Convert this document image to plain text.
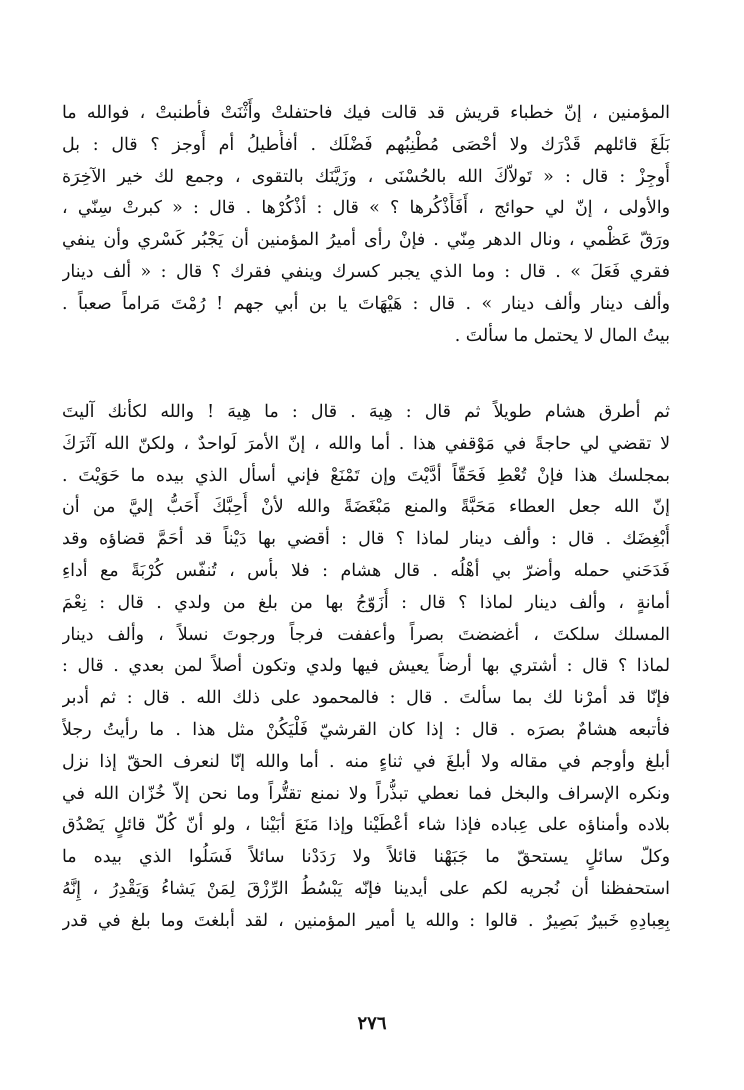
المؤمنين ، إنّ خطباء قريش قد قالت فيك فاحتفلتْ وأَثْنَتْ فأطنبتْ ، فوالله ما
بَلَغَ قائلهم قَدْرَك ولا أحْصَى مُطْنِبُهم فَضْلَك . أفأُطيلُ أم أُوجز ؟ قال : بل
أُوجِزْ : قال : « تَولاّكَ الله بالحُسْنَى ، وزَيَّنَك بالتقوى ، وجمع لك خير الآخِرَة
والأولى ، إنّ لي حوائج ، أَفَأَذْكُرها ؟ » قال : أذْكُرْها . قال : « كبرتْ سِنّي ،
ورَقّ عَظْمي ، ونال الدهر مِنّي . فإنْ رأى أميرُ المؤمنين أن يَجْبُر كَسْري وأن ينفي
فقري فَعَلَ » . قال : وما الذي يجبر كسرك وينفي فقرك ؟ قال : « ألف دينار
وألف دينار وألف دينار » . قال : هَيْهَاتَ يا بن أبي جهم ! رُمْتَ مَراماً صعباً .
بيتُ المال لا يحتمل ما سألتَ .
ثم أطرق هشام طويلاً ثم قال : هِيهَ . قال : ما هِيهَ ! والله لكأنك آليتَ
لا تقضي لي حاجةً في مَوْقفي هذا . أما والله ، إنّ الأمرَ لَواحدٌ ، ولكنّ الله آثَرَكَ
بمجلسك هذا فإنْ تُعْطِ فَحَقّاً أدَّيْتَ وإن تَمْنَعْ فإني أسأل الذي بيده ما حَوَيْتَ .
إنّ الله جعل العطاء مَحَبَّةً والمنع مَبْغَضَةً والله لأنْ أُحِبَّكَ أَحَبُّ إليَّ من أن
أُبْغِضَك . قال : وألف دينار لماذا ؟ قال : أقضي بها دَيْناً قد أحَمَّ قضاؤه وقد
فَدَحَني حمله وأضرّ بي أهْلُه . قال هشام : فلا بأس ، تُنفّس كُرْبَةً مع أداءِ
أمانةٍ ، وألف دينار لماذا ؟ قال : أُزَوّجُ بها من بلغ من ولدي . قال : نِعْمَ
المسلك سلكتَ ، أغضضتَ بصراً وأعففت فرجاً ورجوتَ نسلاً ، وألف دينار
لماذا ؟ قال : أشتري بها أرضاً يعيش فيها ولدي وتكون أصلاً لمن بعدي . قال :
فإنّا قد أمرْنا لك بما سألتَ . قال : فالمحمود على ذلك الله . قال : ثم أدبر
فأتبعه هشامٌ بصرَه . قال : إذا كان القرشيّ فَلْيَكُنْ مثل هذا . ما رأيتُ رجلاً
أبلغ وأوجم في مقاله ولا أبلغَ في ثناءٍ منه . أما والله إنّا لنعرف الحقّ إذا نزل
ونكره الإسراف والبخل فما نعطي تبذُّراً ولا نمنع تقتُّراً وما نحن إلاّ خُزّان الله في
بلاده وأمناؤه على عِباده فإذا شاء أعْطَيْنا وإذا مَنَعَ أبَيْنا ، ولو أنّ كُلّ قائلٍ يَصْدُق
وكلّ سائلٍ يستحقّ ما جَبَهْنا قائلاً ولا رَدَدْنا سائلاً فَسَلُوا الذي بيده ما
استحفظنا أن نُجريه لكم على أيدينا فإنّه يَبْسُطُ الرِّزْقَ لِمَنْ يَشاءُ وَيَقْدِرُ ، إِنَّهُ
بِعِبادِهِ خَبيرٌ بَصِيرٌ . قالوا : والله يا أمير المؤمنين ، لقد أبلغتَ وما بلغ في قدر
٢٧٦
